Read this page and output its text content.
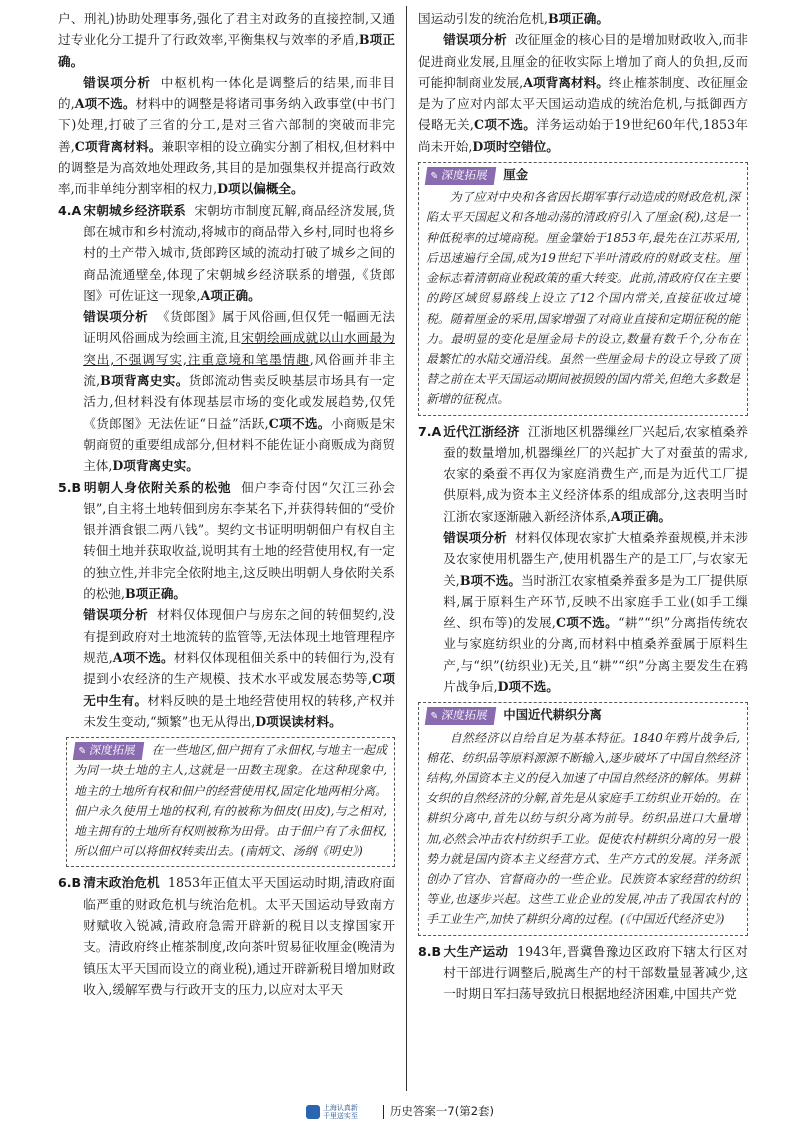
户、刑礼)协助处理事务,强化了君主对政务的直接控制,又通过专业化分工提升了行政效率,平衡集权与效率的矛盾,B项正确。

错误项分析 中枢机构一体化是调整后的结果,而非目的,A项不选。材料中的调整是将诸司事务纳入政事堂(中书门下)处理,打破了三省的分工,是对三省六部制的突破而非完善,C项背离材料。兼职宰相的设立确实分割了相权,但材料中的调整是为高效地处理政务,其目的是加强集权并提高行政效率,而非单纯分割宰相的权力,D项以偏概全。

4.A 宋朝城乡经济联系 宋朝坊市制度瓦解,商品经济发展,货郎在城市和乡村流动,将城市的商品带入乡村,同时也将乡村的土产带入城市,货郎跨区域的流动打破了城乡之间的商品流通壁垒,体现了宋朝城乡经济联系的增强,《货郎图》可佐证这一现象,A项正确。

错误项分析 《货郎图》属于风俗画,但仅凭一幅画无法证明风俗画成为绘画主流,且宋朝绘画成就以山水画最为突出,不强调写实,注重意境和笔墨情趣,风俗画并非主流,B项背离史实。货郎流动售卖反映基层市场具有一定活力,但材料没有体现基层市场的变化或发展趋势,仅凭《货郎图》无法佐证“日益”活跃,C项不选。小商贩是宋朝商贸的重要组成部分,但材料不能佐证小商贩成为商贸主体,D项背离史实。

5.B 明朝人身依附关系的松弛 佃户李奇付因“欠江三孙会银”,自主将土地转佃到房东李某名下,并获得转佃的“受价银并酒食银二两八钱”。契约文书证明明朝佃户有权自主转佃土地并获取收益,说明其有土地的经营使用权,有一定的独立性,并非完全依附地主,这反映出明朝人身依附关系的松弛,B项正确。

错误项分析 材料仅体现佃户与房东之间的转佃契约,没有提到政府对土地流转的监管等,无法体现土地管理程序规范,A项不选。材料仅体现租佃关系中的转佃行为,没有提到小农经济的生产规模、技术水平或发展态势等,C项无中生有。材料反映的是土地经营使用权的转移,产权并未发生变动,“频繁”也无从得出,D项误读材料。

✎深度拓展 在一些地区,佃户拥有了永佃权,与地主一起成为同一块土地的主人,这就是一田数主现象。在这种现象中,地主的土地所有权和佃户的经营使用权,固定化地两相分离。佃户永久使用土地的权利,有的被称为佃皮(田皮),与之相对,地主拥有的土地所有权则被称为田骨。由于佃户有了永佃权,所以佃户可以将佃权转卖出去。(南炳文、汤纲《明史》)

6.B 清末政治危机 1853年正值太平天国运动时期,清政府面临严重的财政危机与统治危机。太平天国运动导致南方财赋收入锐减,清政府急需开辟新的税目以支撑国家开支。清政府终止榷茶制度,改向茶叶贸易征收厘金(晚清为镇压太平天国而设立的商业税),通过开辟新税目增加财政收入,缓解军费与行政开支的压力,以应对太平天

国运动引发的统治危机,B项正确。

错误项分析 改征厘金的核心目的是增加财政收入,而非促进商业发展,且厘金的征收实际上增加了商人的负担,反而可能抑制商业发展,A项背离材料。终止榷茶制度、改征厘金是为了应对内部太平天国运动造成的统治危机,与抵御西方侵略无关,C项不选。洋务运动始于19世纪60年代,1853年尚未开始,D项时空错位。

✎深度拓展 厘金

为了应对中央和各省因长期军事行动造成的财政危机,深陷太平天国起义和各地动荡的清政府引入了厘金(税),这是一种低税率的过境商税。厘金肇始于1853年,最先在江苏采用,后迅速遍行全国,成为19世纪下半叶清政府的财政支柱。厘金标志着清朝商业税政策的重大转变。此前,清政府仅在主要的跨区域贸易路线上设立了12个国内常关,直接征收过境税。随着厘金的采用,国家增强了对商业直接和定期征税的能力。最明显的变化是厘金局卡的设立,数量有数千个,分布在最繁忙的水陆交通沿线。虽然一些厘金局卡的设立导致了顶替之前在太平天国运动期间被损毁的国内常关,但绝大多数是新增的征税点。

7.A 近代江浙经济 江浙地区机器缫丝厂兴起后,农家植桑养蚕的数量增加,机器缫丝厂的兴起扩大了对蚕茧的需求,农家的桑蚕不再仅为家庭消费生产,而是为近代工厂提供原料,成为资本主义经济体系的组成部分,这表明当时江浙农家逐渐融入新经济体系,A项正确。

错误项分析 材料仅体现农家扩大植桑养蚕规模,并未涉及农家使用机器生产,使用机器生产的是工厂,与农家无关,B项不选。当时浙江农家植桑养蚕多是为工厂提供原料,属于原料生产环节,反映不出家庭手工业(如手工缫丝、织布等)的发展,C项不选。“耕”“织”分离指传统农业与家庭纺织业的分离,而材料中植桑养蚕属于原料生产,与“织”(纺织业)无关,且“耕”“织”分离主要发生在鸦片战争后,D项不选。

✎深度拓展 中国近代耕织分离

自然经济以自给自足为基本特征。1840年鸦片战争后,棉花、纺织品等原料源源不断输入,逐步破坏了中国自然经济结构,外国资本主义的侵入加速了中国自然经济的解体。男耕女织的自然经济的分解,首先是从家庭手工纺织业开始的。在耕织分离中,首先以纺与织分离为前导。纺织品进口大量增加,必然会冲击农村纺织手工业。促使农村耕织分离的另一股势力就是国内资本主义经营方式、生产方式的发展。洋务派创办了官办、官督商办的一些企业。民族资本家经营的纺织等业,也逐步兴起。这些工业企业的发展,冲击了我国农村的手工业生产,加快了耕织分离的过程。(《中国近代经济史》)

8.B 大生产运动 1943年,晋冀鲁豫边区政府下辖太行区对村干部进行调整后,脱离生产的村干部数量显著减少,这一时期日军扫荡导致抗日根据地经济困难,中国共产党

上海认真新
千里送实至	历史答案一7(第2套)
